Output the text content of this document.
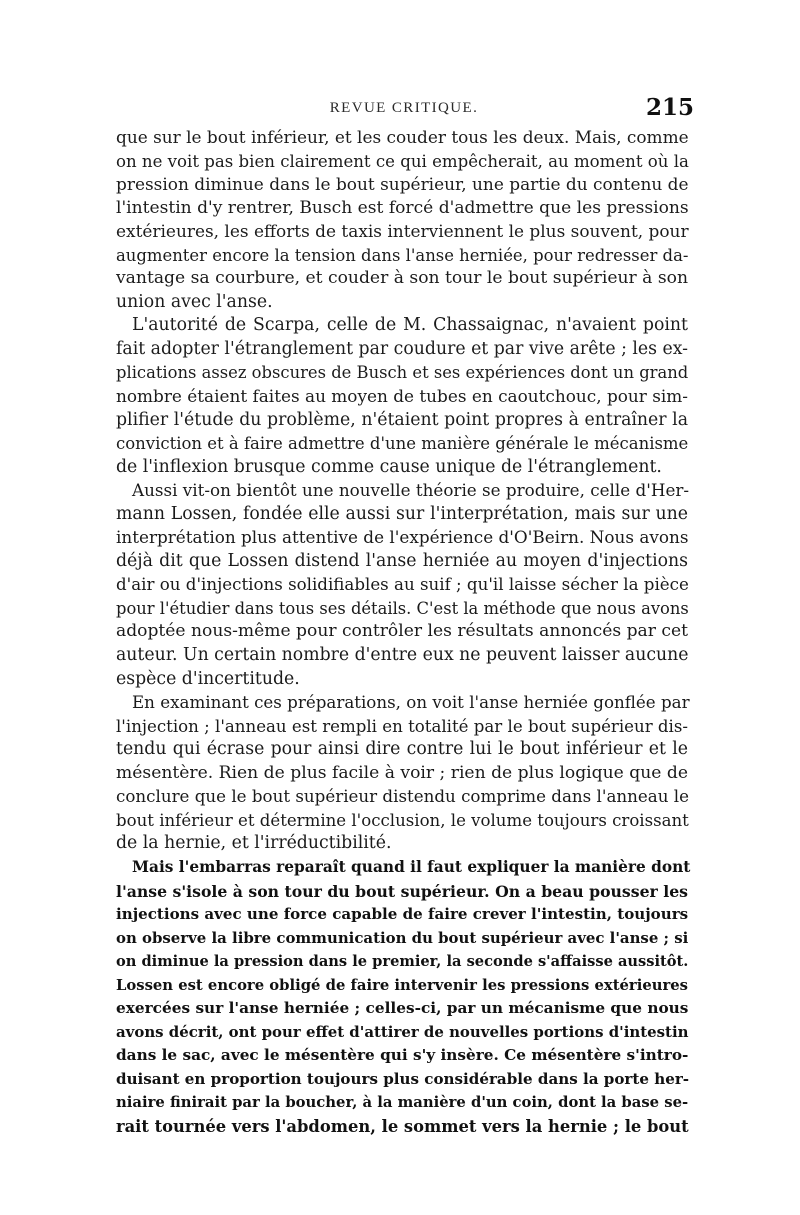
REVUE CRITIQUE.	215
que sur le bout inférieur, et les couder tous les deux. Mais, comme
on ne voit pas bien clairement ce qui empêcherait, au moment où la
pression diminue dans le bout supérieur, une partie du contenu de
l'intestin d'y rentrer, Busch est forcé d'admettre que les pressions
extérieures, les efforts de taxis interviennent le plus souvent, pour
augmenter encore la tension dans l'anse herniée, pour redresser da-
vantage sa courbure, et couder à son tour le bout supérieur à son
union avec l'anse.
L'autorité de Scarpa, celle de M. Chassaignac, n'avaient point
fait adopter l'étranglement par coudure et par vive arête ; les ex-
plications assez obscures de Busch et ses expériences dont un grand
nombre étaient faites au moyen de tubes en caoutchouc, pour sim-
plifier l'étude du problème, n'étaient point propres à entraîner la
conviction et à faire admettre d'une manière générale le mécanisme
de l'inflexion brusque comme cause unique de l'étranglement.
Aussi vit-on bientôt une nouvelle théorie se produire, celle d'Her-
mann Lossen, fondée elle aussi sur l'interprétation, mais sur une
interprétation plus attentive de l'expérience d'O'Beirn. Nous avons
déjà dit que Lossen distend l'anse herniée au moyen d'injections
d'air ou d'injections solidifiables au suif ; qu'il laisse sécher la pièce
pour l'étudier dans tous ses détails. C'est la méthode que nous avons
adoptée nous-même pour contrôler les résultats annoncés par cet
auteur. Un certain nombre d'entre eux ne peuvent laisser aucune
espèce d'incertitude.
En examinant ces préparations, on voit l'anse herniée gonflée par
l'injection ; l'anneau est rempli en totalité par le bout supérieur dis-
tendu qui écrase pour ainsi dire contre lui le bout inférieur et le
mésentère. Rien de plus facile à voir ; rien de plus logique que de
conclure que le bout supérieur distendu comprime dans l'anneau le
bout inférieur et détermine l'occlusion, le volume toujours croissant
de la hernie, et l'irréductibilité.
Mais l'embarras reparaît quand il faut expliquer la manière dont
l'anse s'isole à son tour du bout supérieur. On a beau pousser les
injections avec une force capable de faire crever l'intestin, toujours
on observe la libre communication du bout supérieur avec l'anse ; si
on diminue la pression dans le premier, la seconde s'affaisse aussitôt.
Lossen est encore obligé de faire intervenir les pressions extérieures
exercées sur l'anse herniée ; celles-ci, par un mécanisme que nous
avons décrit, ont pour effet d'attirer de nouvelles portions d'intestin
dans le sac, avec le mésentère qui s'y insère. Ce mésentère s'intro-
duisant en proportion toujours plus considérable dans la porte her-
niaire finirait par la boucher, à la manière d'un coin, dont la base se-
rait tournée vers l'abdomen, le sommet vers la hernie ; le bout
